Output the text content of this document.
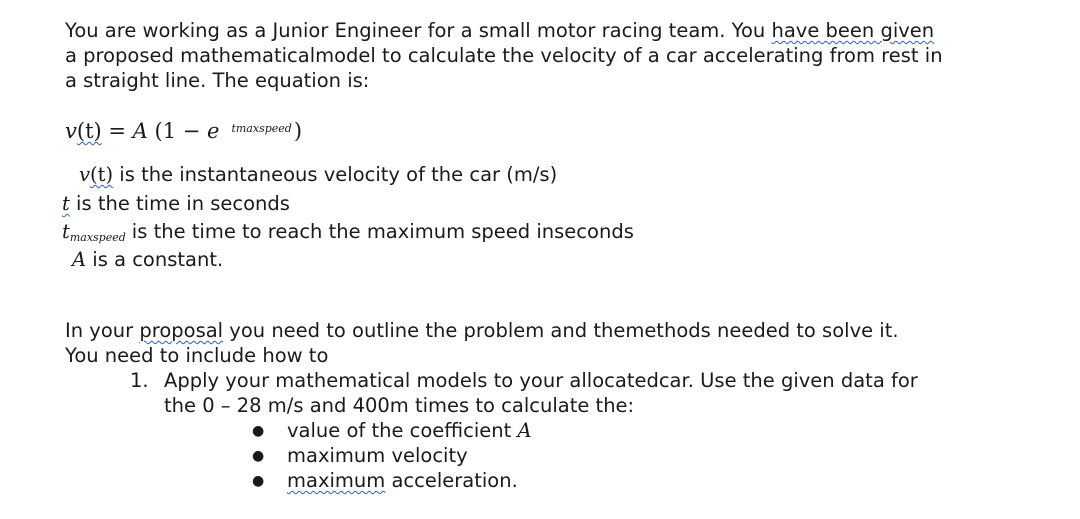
You are working as a Junior Engineer for a small motor racing team. You have been given
a proposed mathematicalmodel to calculate the velocity of a car accelerating from rest in
a straight line. The equation is:
v(t) = A (1 − e $^{tmaxspeed}$)
v(t) is the instantaneous velocity of the car (m/s)
t is the time in seconds
tmaxspeed is the time to reach the maximum speed inseconds
A is a constant.
In your proposal you need to outline the problem and themethods needed to solve it.
You need to include how to
1. Apply your mathematical models to your allocatedcar. Use the given data for
the 0 – 28 m/s and 400m times to calculate the:
● value of the coefficient A
● maximum velocity
● maximum acceleration.
